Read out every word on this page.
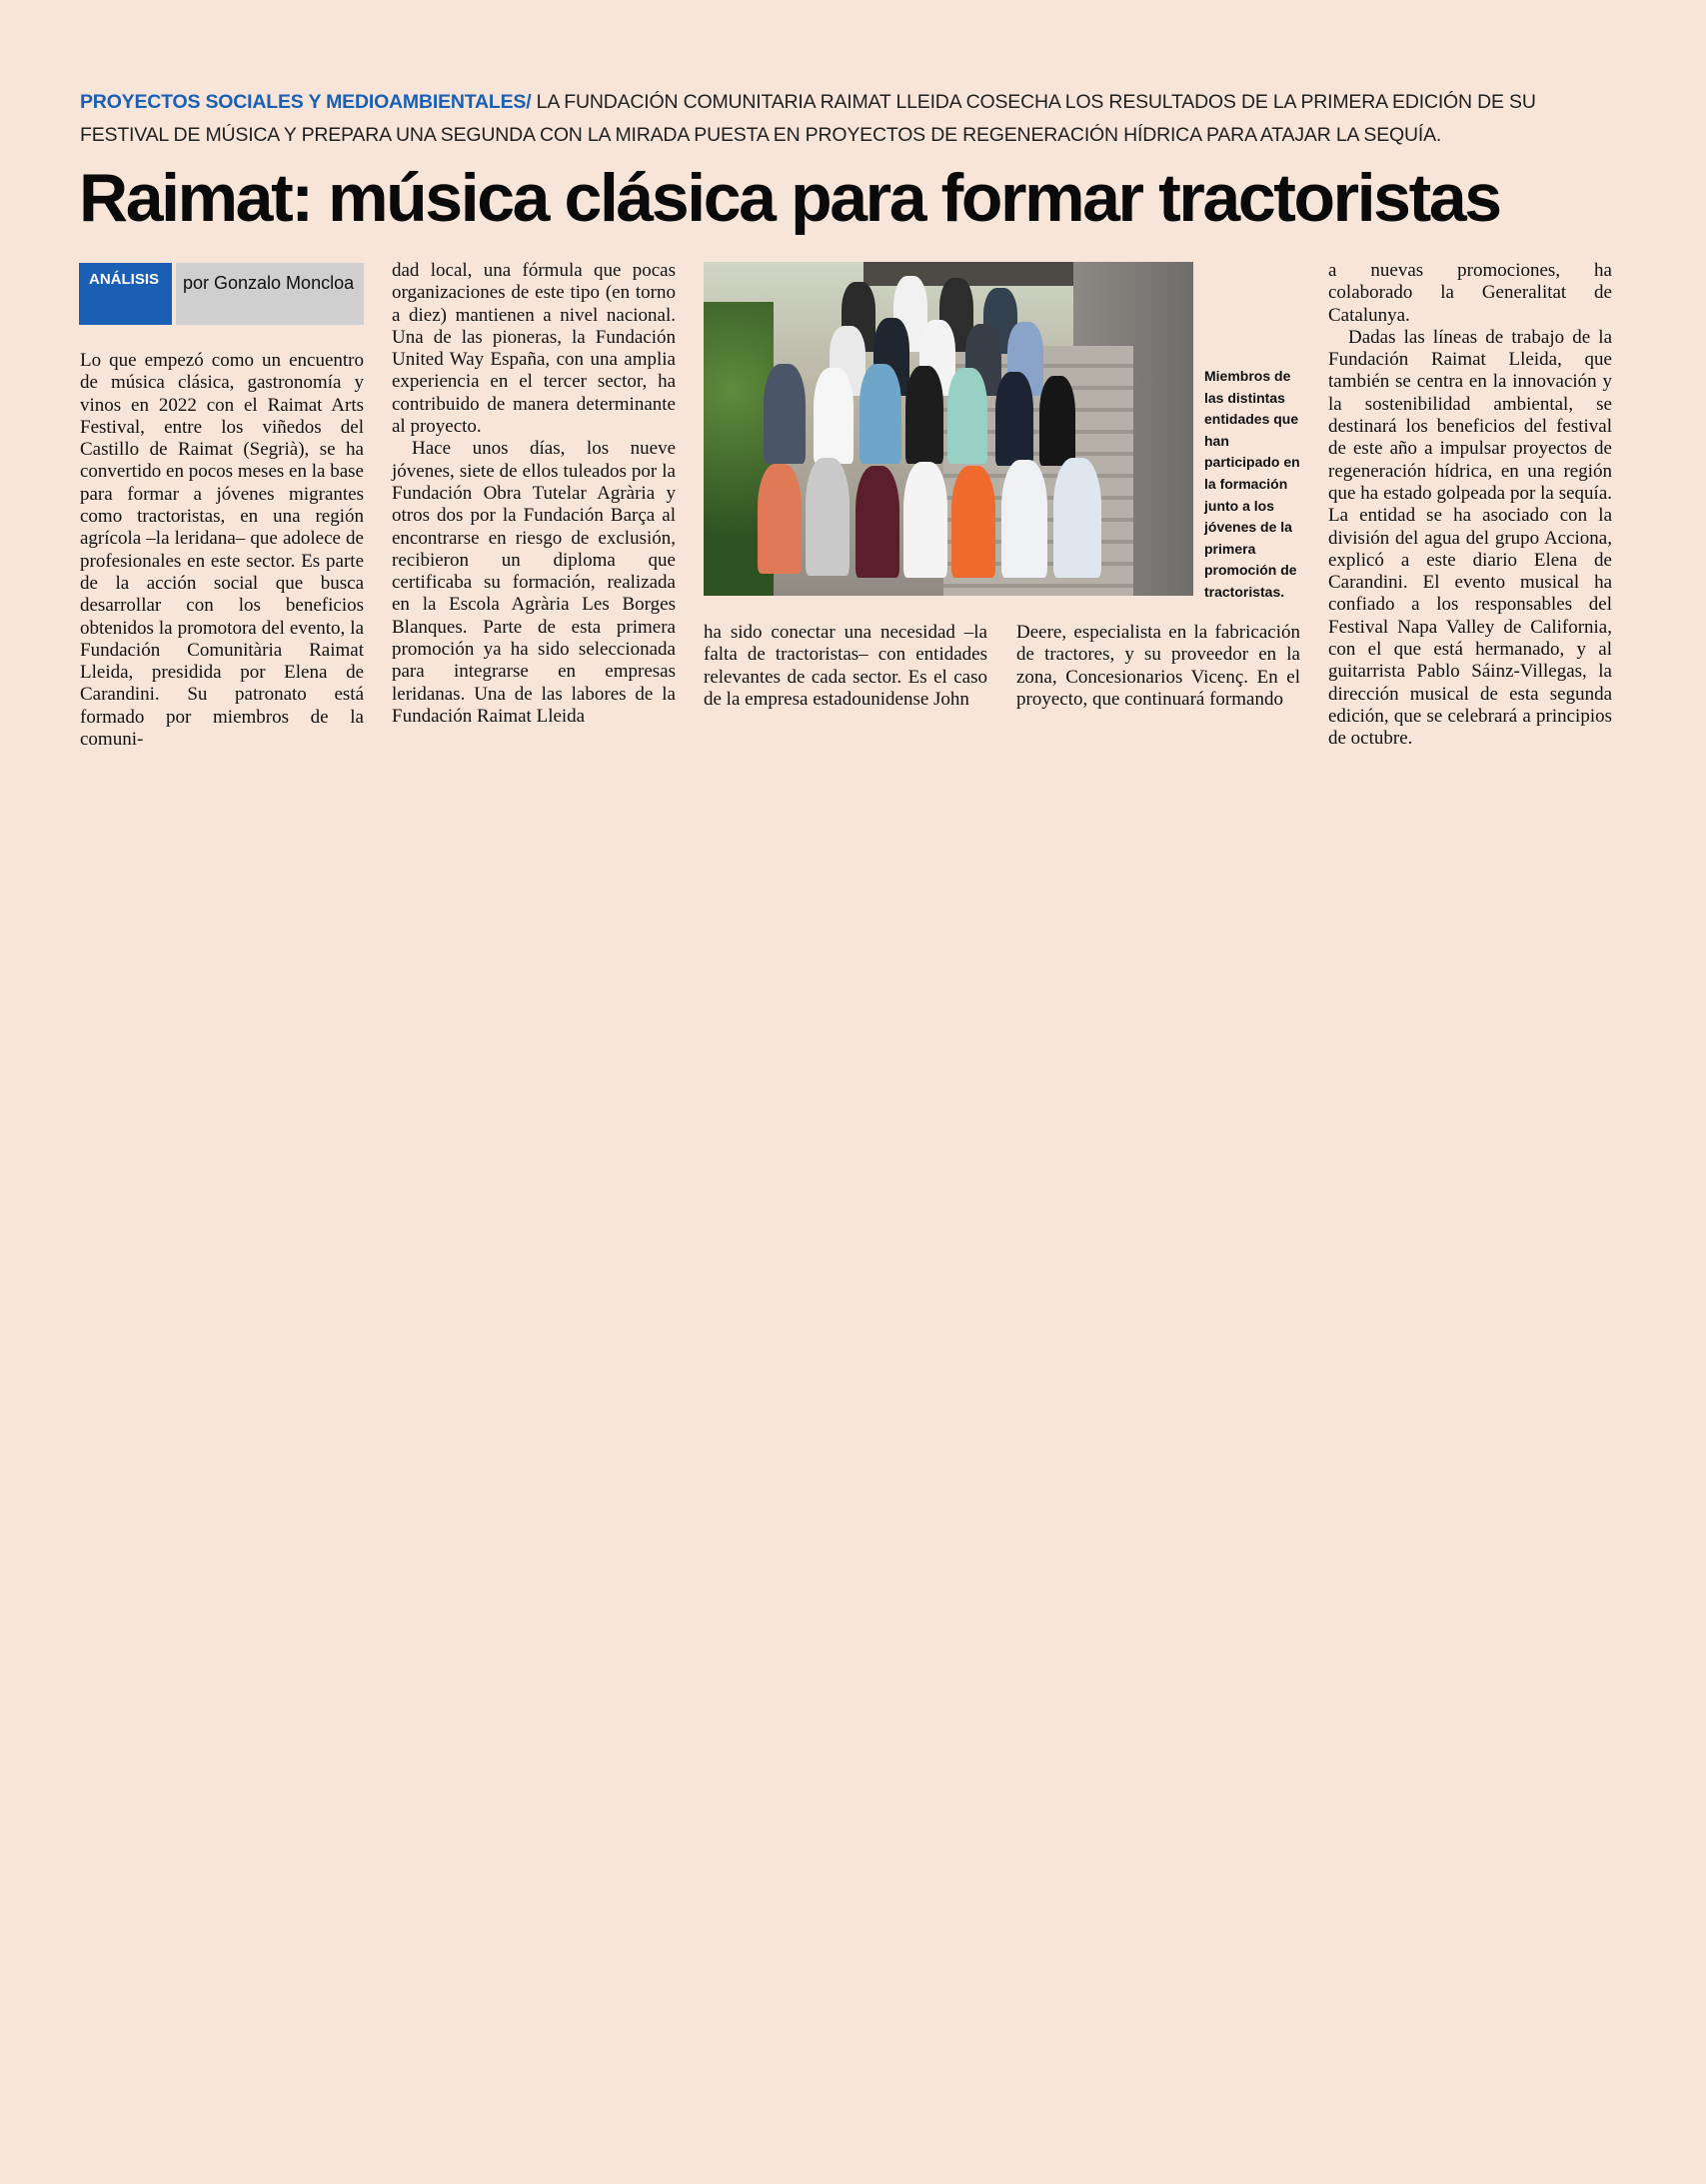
PROYECTOS SOCIALES Y MEDIOAMBIENTALES/ LA FUNDACIÓN COMUNITARIA RAIMAT LLEIDA COSECHA LOS RESULTADOS DE LA PRIMERA EDICIÓN DE SU FESTIVAL DE MÚSICA Y PREPARA UNA SEGUNDA CON LA MIRADA PUESTA EN PROYECTOS DE REGENERACIÓN HÍDRICA PARA ATAJAR LA SEQUÍA.
Raimat: música clásica para formar tractoristas
ANÁLISIS	por Gonzalo Moncloa

Lo que empezó como un encuentro de música clásica, gastronomía y vinos en 2022 con el Raimat Arts Festival, entre los viñedos del Castillo de Raimat (Segrià), se ha convertido en pocos meses en la base para formar a jóvenes migrantes como tractoristas, en una región agrícola –la leridana– que adolece de profesionales en este sector. Es parte de la acción social que busca desarrollar con los beneficios obtenidos la promotora del evento, la Fundación Comunitària Raimat Lleida, presidida por Elena de Carandini. Su patronato está formado por miembros de la comuni-

dad local, una fórmula que pocas organizaciones de este tipo (en torno a diez) mantienen a nivel nacional. Una de las pioneras, la Fundación United Way España, con una amplia experiencia en el tercer sector, ha contribuido de manera determinante al proyecto.

Hace unos días, los nueve jóvenes, siete de ellos tuleados por la Fundación Obra Tutelar Agrària y otros dos por la Fundación Barça al encontrarse en riesgo de exclusión, recibieron un diploma que certificaba su formación, realizada en la Escola Agrària Les Borges Blanques. Parte de esta primera promoción ya ha sido seleccionada para integrarse en empresas leridanas. Una de las labores de la Fundación Raimat Lleida

Miembros de las distintas entidades que han participado en la formación junto a los jóvenes de la primera promoción de tractoristas.

ha sido conectar una necesidad –la falta de tractoristas– con entidades relevantes de cada sector. Es el caso de la empresa estadounidense John

Deere, especialista en la fabricación de tractores, y su proveedor en la zona, Concesionarios Vicenç. En el proyecto, que continuará formando

a nuevas promociones, ha colaborado la Generalitat de Catalunya.

Dadas las líneas de trabajo de la Fundación Raimat Lleida, que también se centra en la innovación y la sostenibilidad ambiental, se destinará los beneficios del festival de este año a impulsar proyectos de regeneración hídrica, en una región que ha estado golpeada por la sequía. La entidad se ha asociado con la división del agua del grupo Acciona, explicó a este diario Elena de Carandini. El evento musical ha confiado a los responsables del Festival Napa Valley de California, con el que está hermanado, y al guitarrista Pablo Sáinz-Villegas, la dirección musical de esta segunda edición, que se celebrará a principios de octubre.
